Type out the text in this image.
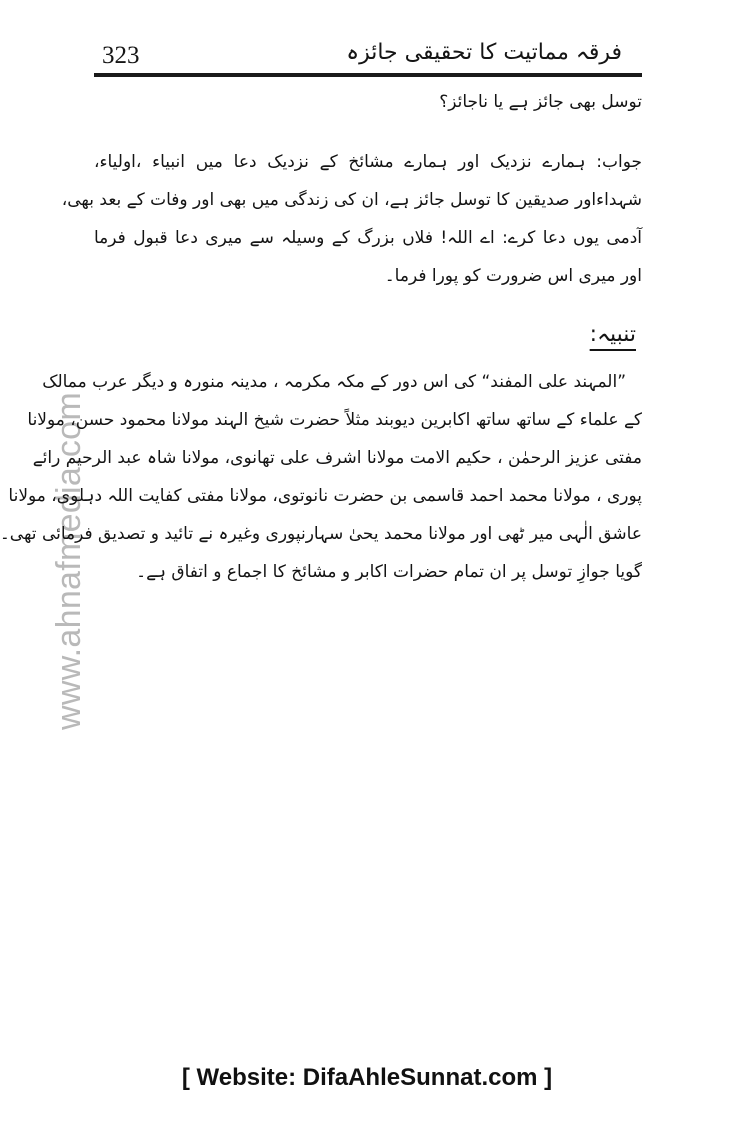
323	فرقہ مماتیت کا تحقیقی جائزہ
www.ahnafmedia.com
توسل بھی جائز ہے یا ناجائز؟
جواب: ہمارے نزدیک اور ہمارے مشائخ کے نزدیک دعا میں انبیاء ،اولیاء،
شہداءاور صدیقین کا توسل جائز ہے، ان کی زندگی میں بھی اور وفات کے بعد بھی،
آدمی یوں دعا کرے: اے اللہ! فلاں بزرگ کے وسیلہ سے میری دعا قبول فرما
اور میری اس ضرورت کو پورا فرما۔
تنبیہ:
”المہند علی المفند“ کی اس دور کے مکہ مکرمہ ، مدینہ منورہ و دیگر عرب ممالک
کے علماء کے ساتھ ساتھ اکابرین دیوبند مثلاً حضرت شیخ الہند مولانا محمود حسن، مولانا
مفتی عزیز الرحمٰن ، حکیم الامت مولانا اشرف علی تھانوی، مولانا شاہ عبد الرحیم رائے
پوری ، مولانا محمد احمد قاسمی بن حضرت نانوتوی، مولانا مفتی کفایت اللہ دہلوی، مولانا
عاشق الٰہی میر ٹھی اور مولانا محمد یحیٰ سہارنپوری وغیرہ نے تائید و تصدیق فرمائی تھی۔
گویا جوازِ توسل پر ان تمام حضرات اکابر و مشائخ کا اجماع و اتفاق ہے۔
[ Website: DifaAhleSunnat.com ]
